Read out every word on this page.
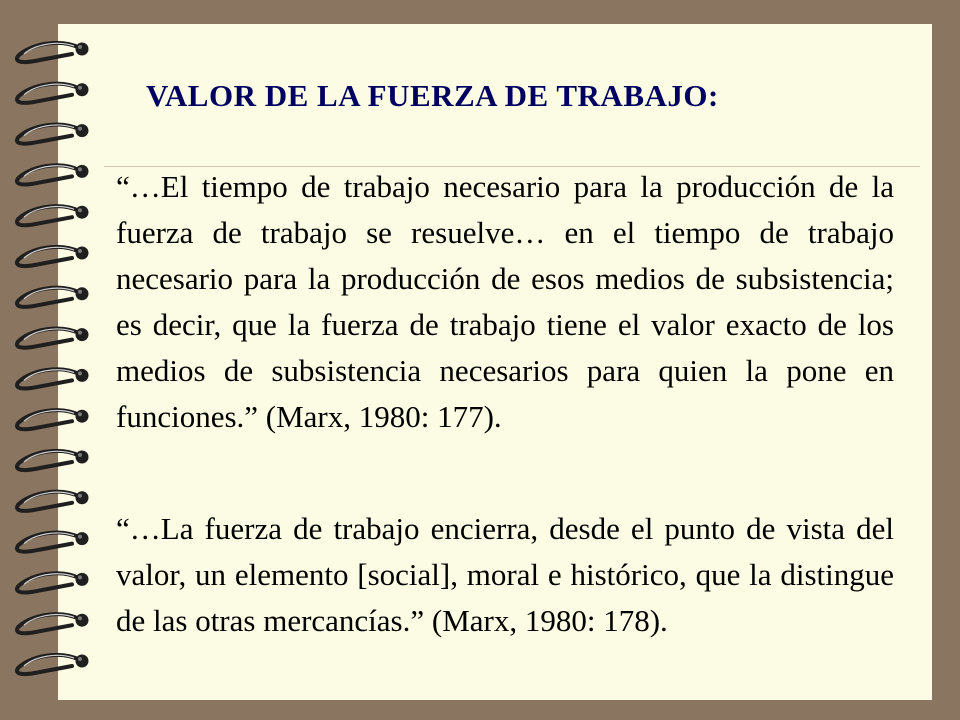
VALOR DE LA FUERZA DE TRABAJO:

“…El tiempo de trabajo necesario para la producción de la fuerza de trabajo se resuelve… en el tiempo de trabajo necesario para la producción de esos medios de subsistencia; es decir, que la fuerza de trabajo tiene el valor exacto de los medios de subsistencia necesarios para quien la pone en funciones.” (Marx, 1980: 177).

“…La fuerza de trabajo encierra, desde el punto de vista del valor, un elemento [social], moral e histórico, que la distingue de las otras mercancías.” (Marx, 1980: 178).
